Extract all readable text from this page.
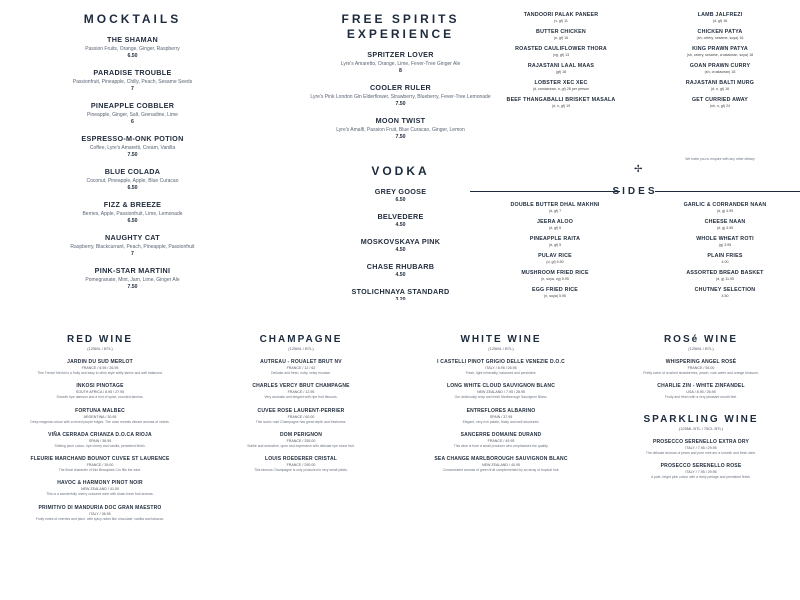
MOCKTAILS
THE SHAMAN
Passion Fruits, Orange, Ginger, Raspberry
6.50
PARADISE TROUBLE
Passionfruit, Pineapple, Chilly, Peach, Sesame Seeds
7
PINEAPPLE COBBLER
Pineapple, Ginger, Salt, Grenadine, Lime
6
ESPRESSO-M-ONK POTION
Coffee, Lyre's Amaretti, Cream, Vanilla
7.50
BLUE COLADA
Coconut, Pineapple, Apple, Blue Curacao
6.50
FIZZ & BREEZE
Berries, Apple, Passionfruit, Lime, Lemonade
6.50
NAUGHTY CAT
Raspberry, Blackcurrant, Peach, Pineapple, Passionfruit
7
PINK-STAR MARTINI
Pomegranate, Mint, Jam, Lime, Ginger Ale
7.50
FREE SPIRITS
EXPERIENCE
SPRITZER LOVER
Lyre's Amaretto, Orange, Lime, Fever-Tree Ginger Ale
8
COOLER RULER
Lyre's Pink London Gin Elderflower, Strawberry, Blueberry, Fever-Tree Lemonade
7.50
MOON TWIST
Lyre's Amalfi, Passion Fruit, Blue Curacao, Ginger, Lemon
7.50
VODKA
GREY GOOSE
6.50
BELVEDERE
4.50
MOSKOVSKAYA PINK
4.50
CHASE RHUBARB
4.50
STOLICHNAYA STANDARD
3.20
TANDOORI PALAK PANEER
(v, gf) 11
BUTTER CHICKEN
(n, gf) 16
ROASTED CAULIFLOWER THORA
(vg, gf) 13
RAJASTANI LAAL MAAS
(gf) 18
LOBSTER XEC XEC
(d, crustacean, n, gf) 28 per person
BEEF THANGABALLI BRISKET MASALA
(d, n, gf) 19
LAMB JALFREZI
(d, gf) 16
CHICKEN PATYA
(sh, celery, sesame, soya) 16
KING PRAWN PATYA
(sh, celery, sesame, crustacean, soya) 18
GOAN PRAWN CURRY
(sh, crustacean) 18
RAJASTANI BALTI MURG
(d, n, gf) 16
GET CURRIED AWAY
(sh, n, gf) 24
We invite you to enquire with any other dietary
SIDES
✢
DOUBLE BUTTER DHAL MAKHNI
(d, gf) 7
JEERA ALOO
(d, gf) 6
PINEAPPLE RAITA
(d, gf) 5
PULAV RICE
(d, gf) 5.50
MUSHROOM FRIED RICE
(n, soya, vg) 5.95
EGG FRIED RICE
(n, soya) 5.95
GARLIC & CORRANDER NAAN
(d, g) 4.95
CHEESE NAAN
(d, g) 4.95
WHOLE WHEAT ROTI
(g) 3.95
PLAIN FRIES
4.00
ASSORTED BREAD BASKET
(d, g) 11.95
CHUTNEY SELECTION
4.50
RED WINE
(125ML / BTL)
JARDIN DU SUD MERLOT
FRANCE / 8.95 / 26.95
This French Merlot is a fruity and easy to drink style softly tannic and well balanced.
INKOSI PINOTAGE
SOUTH AFRICA / 8.95 / 27.95
Smooth ripe damson and a hint of spice, rounded tannins.
FORTUNA MALBEC
ARGENTINA / 30.95
Deep magenta colour with a mixed purple edges. The nose reveals vibrant aromas of violets.
VIÑA CERRADA CRIANZA D.O.CA RIOJA
SPAIN / 36.95
Striking plum colour, ripe cherry and vanilla, persistent finish.
FLEURIE MARCHAND BOUNOT CUVEE ST LAURENCE
FRANCE / 39.00
The floral character of this Beaujolais Cru fills the wine.
HAVOC & HARMONY PINOT NOIR
NEW ZEALAND / 41.50
This is a wonderfully cherry coloured wine with Asian fresh fruit aromas.
PRIMITIVO DI MANDURIA DOC GRAN MAESTRO
ITALY / 38.95
Fruity notes of cherries and plum, with spicy notes like chocolate, vanilla and tobacco.
CHAMPAGNE
(125ML / BTL)
AUTREAU - ROUALET BRUT NV
FRANCE / 12 / 62
Delicate and fresh, nutty, zesty mousse.
CHARLES VERCY BRUT CHAMPAGNE
FRANCE / 12.95
Very aromatic and elegant with ripe fruit flavours.
CUVEE ROSE LAURENT-PERRIER
FRANCE / 60.00
This iconic rosé Champagne has great depth and freshness.
DOM PERIGNON
FRANCE / 255.00
Subtle and seductive, open and expressive with delicate ripe stone fruit.
LOUIS ROEDERER CRISTAL
FRANCE / 290.00
This famous Champagne is only produced in very small yields.
WHITE WINE
(125ML / BTL)
I CASTELLI PINOT GRIGIO DELLE VENEZIE D.O.C
ITALY / 8.95 / 26.95
Fresh, light minerality, balanced and persistent.
LONG WHITE CLOUD SAUVIGNON BLANC
NEW ZEALAND / 7.95 / 28.95
Our deliciously crisp and fresh Marlborough Sauvignon Blanc.
ENTREFLORES ALBARINO
SPAIN / 37.95
Elegant, very rich palate, floaty and well structured.
SANCERRE DOMAINE DURAND
FRANCE / 49.95
This wine is from a small producer who emphasises the quality.
SEA CHANGE MARLBOROUGH SAUVIGNON BLANC
NEW ZEALAND / 40.95
Concentrated aromas of green fruit complemented by an array of tropical fruit.
ROSé WINE
(125ML / BTL)
WHISPERING ANGEL ROSÉ
FRANCE / 55.00
Pretty scent of crushed strawberries, peach, rose water and orange blossom.
CHARLIE ZIN - WHITE ZINFANDEL
USA / 8.95 / 26.95
Fruity and fresh with a very pleasant mouth feel.
SPARKLING WINE
(125ML BTL / 75CL BTL)
PROSECCO SERENELLO EXTRA DRY
ITALY / 7.95 / 29.95
The delicate aromas of pears and pure mint are a smooth and fresh wine.
PROSECCO SERENELLO ROSE
ITALY / 7.95 / 29.95
A pale, bright pink colour with a lively perlage and persistent finish.
